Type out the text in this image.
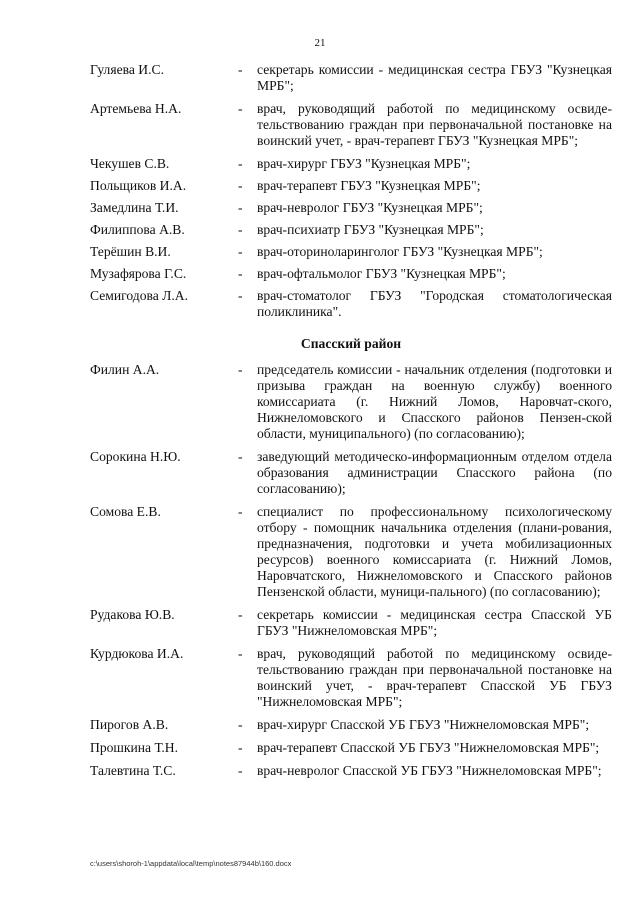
21
Гуляева И.С.	-	секретарь комиссии - медицинская сестра ГБУЗ "Кузнецкая МРБ";
Артемьева Н.А.	-	врач, руководящий работой по медицинскому освиде-тельствованию граждан при первоначальной постановке на воинский учет, - врач-терапевт ГБУЗ "Кузнецкая МРБ";
Чекушев С.В.	-	врач-хирург ГБУЗ "Кузнецкая МРБ";
Польщиков И.А.	-	врач-терапевт ГБУЗ "Кузнецкая МРБ";
Замедлина Т.И.	-	врач-невролог ГБУЗ "Кузнецкая МРБ";
Филиппова А.В.	-	врач-психиатр ГБУЗ "Кузнецкая МРБ";
Терёшин В.И.	-	врач-оториноларинголог ГБУЗ "Кузнецкая МРБ";
Музафярова Г.С.	-	врач-офтальмолог ГБУЗ "Кузнецкая МРБ";
Семигодова Л.А.	-	врач-стоматолог ГБУЗ "Городская стоматологическая поликлиника".
Спасский район
Филин А.А.	-	председатель комиссии - начальник отделения (подготовки и призыва граждан на военную службу) военного комиссариата (г. Нижний Ломов, Наровчат-ского, Нижнеломовского и Спасского районов Пензен-ской области, муниципального) (по согласованию);
Сорокина Н.Ю.	-	заведующий методическо-информационным отделом отдела образования администрации Спасского района (по согласованию);
Сомова Е.В.	-	специалист по профессиональному психологическому отбору - помощник начальника отделения (плани-рования, предназначения, подготовки и учета мобилизационных ресурсов) военного комиссариата (г. Нижний Ломов, Наровчатского, Нижнеломовского и Спасского районов Пензенской области, муници-пального) (по согласованию);
Рудакова Ю.В.	-	секретарь комиссии - медицинская сестра Спасской УБ ГБУЗ "Нижнеломовская МРБ";
Курдюкова И.А.	-	врач, руководящий работой по медицинскому освиде-тельствованию граждан при первоначальной постановке на воинский учет, - врач-терапевт Спасской УБ ГБУЗ "Нижнеломовская МРБ";
Пирогов А.В.	-	врач-хирург Спасской УБ ГБУЗ "Нижнеломовская МРБ";
Прошкина Т.Н.	-	врач-терапевт Спасской УБ ГБУЗ "Нижнеломовская МРБ";
Талевтина Т.С.	-	врач-невролог Спасской УБ ГБУЗ "Нижнеломовская МРБ";
c:\users\shoroh-1\appdata\local\temp\notes87944b\160.docx
